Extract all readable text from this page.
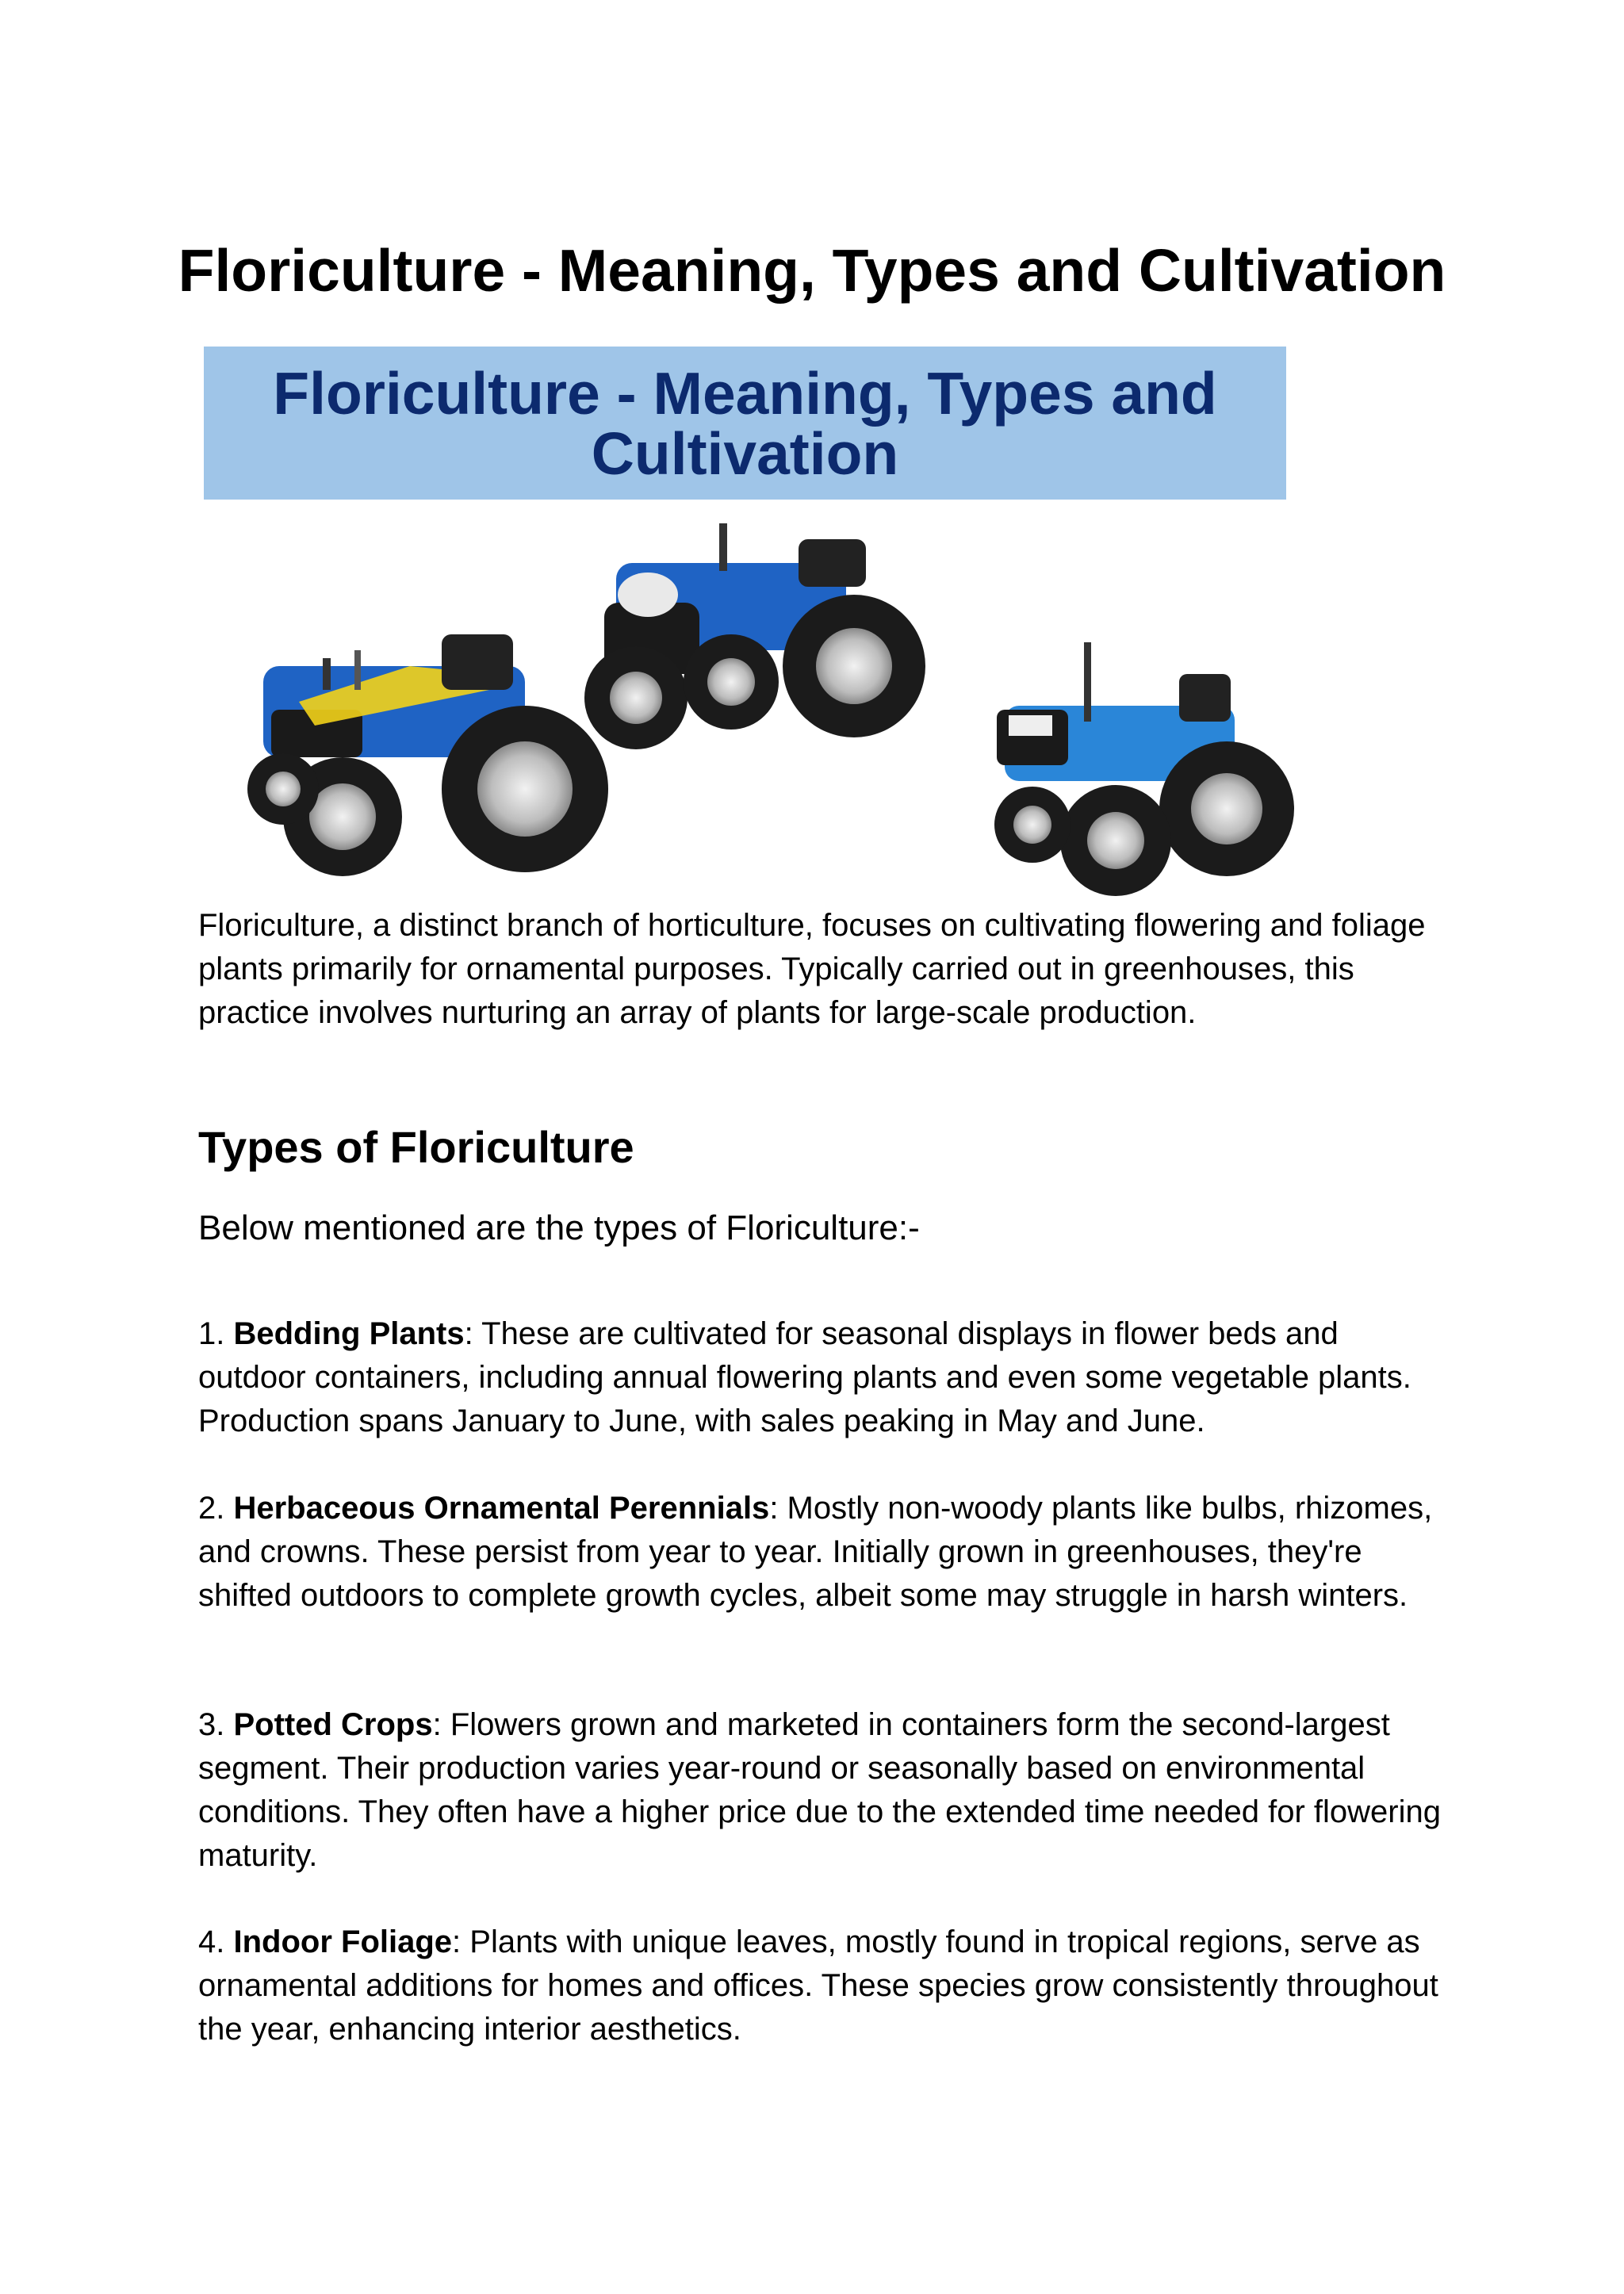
Floriculture - Meaning, Types and Cultivation
Floriculture - Meaning, Types and
Cultivation

Floriculture, a distinct branch of horticulture, focuses on cultivating flowering and foliage plants primarily for ornamental purposes. Typically carried out in greenhouses, this practice involves nurturing an array of plants for large-scale production.

Types of Floriculture

Below mentioned are the types of Floriculture:-

1. Bedding Plants: These are cultivated for seasonal displays in flower beds and outdoor containers, including annual flowering plants and even some vegetable plants. Production spans January to June, with sales peaking in May and June.

2. Herbaceous Ornamental Perennials: Mostly non-woody plants like bulbs, rhizomes, and crowns. These persist from year to year. Initially grown in greenhouses, they're shifted outdoors to complete growth cycles, albeit some may struggle in harsh winters.

3. Potted Crops: Flowers grown and marketed in containers form the second-largest segment. Their production varies year-round or seasonally based on environmental conditions. They often have a higher price due to the extended time needed for flowering maturity.

4. Indoor Foliage: Plants with unique leaves, mostly found in tropical regions, serve as ornamental additions for homes and offices. These species grow consistently throughout the year, enhancing interior aesthetics.
